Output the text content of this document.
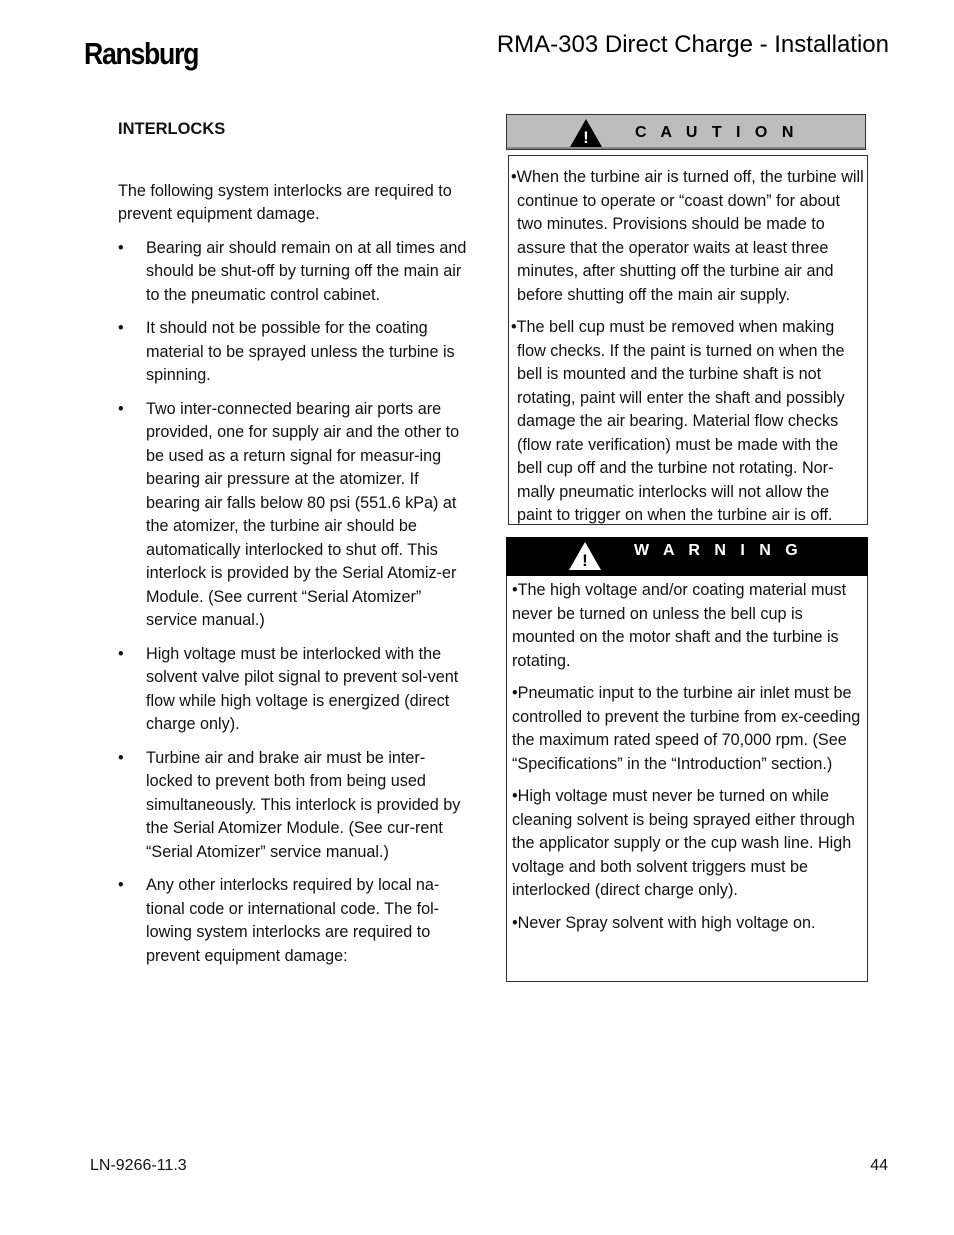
Ransburg	RMA-303 Direct Charge - Installation
INTERLOCKS

The following system interlocks are required to prevent equipment damage.

•	Bearing air should remain on at all times and should be shut-off by turning off the main air to the pneumatic control cabinet.
•	It should not be possible for the coating material to be sprayed unless the turbine is spinning.
•	Two inter-connected bearing air ports are provided, one for supply air and the other to be used as a return signal for measur-ing bearing air pressure at the atomizer. If bearing air falls below 80 psi (551.6 kPa) at the atomizer, the turbine air should be automatically interlocked to shut off. This interlock is provided by the Serial Atomiz-er Module. (See current “Serial Atomizer” service manual.)
•	High voltage must be interlocked with the solvent valve pilot signal to prevent sol-vent flow while high voltage is energized (direct charge only).
•	Turbine air and brake air must be inter-locked to prevent both from being used simultaneously. This interlock is provided by the Serial Atomizer Module. (See cur-rent “Serial Atomizer” service manual.)
•	Any other interlocks required by local na-tional code or international code. The fol-lowing system interlocks are required to prevent equipment damage:
!	C A U T I O N

•When the turbine air is turned off, the turbine will continue to operate or “coast down” for about two minutes. Provisions should be made to assure that the operator waits at least three minutes, after shutting off the turbine air and before shutting off the main air supply.

•The bell cup must be removed when making flow checks. If the paint is turned on when the bell is mounted and the turbine shaft is not rotating, paint will enter the shaft and possibly damage the air bearing. Material flow checks (flow rate verification) must be made with the bell cup off and the turbine not rotating. Nor-mally pneumatic interlocks will not allow the paint to trigger on when the turbine air is off.

!
W A R N I N G

•The high voltage and/or coating material must never be turned on unless the bell cup is mounted on the motor shaft and the turbine is rotating.

•Pneumatic input to the turbine air inlet must be controlled to prevent the turbine from ex-ceeding the maximum rated speed of 70,000 rpm. (See “Specifications” in the “Introduction” section.)

•High voltage must never be turned on while cleaning solvent is being sprayed either through the applicator supply or the cup wash line. High voltage and both solvent triggers must be interlocked (direct charge only).

•Never Spray solvent with high voltage on.

LN-9266-11.3	44
